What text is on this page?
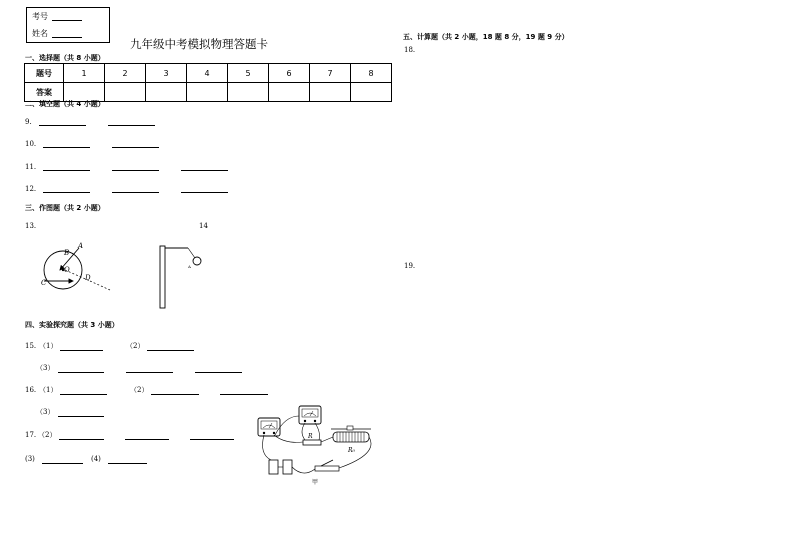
考号
姓名
九年级中考模拟物理答题卡
一、选择题（共 8 小题）
题号	1	2	3	4	5	6	7	8
答案								
二、填空题（共 4 小题）
9.
10.
11.
12.
三、作图题（共 2 小题）
13.	14
A
B
O
C
D
A
四、实验探究题（共 3 小题）
15. （1）	（2）
（3）
16. （1）	（2）
（3）
17. （2）
(3)	(4)
R
R₀
甲
五、计算题（共 2 小题，18 题 8 分，19 题 9 分）
18.
19.
